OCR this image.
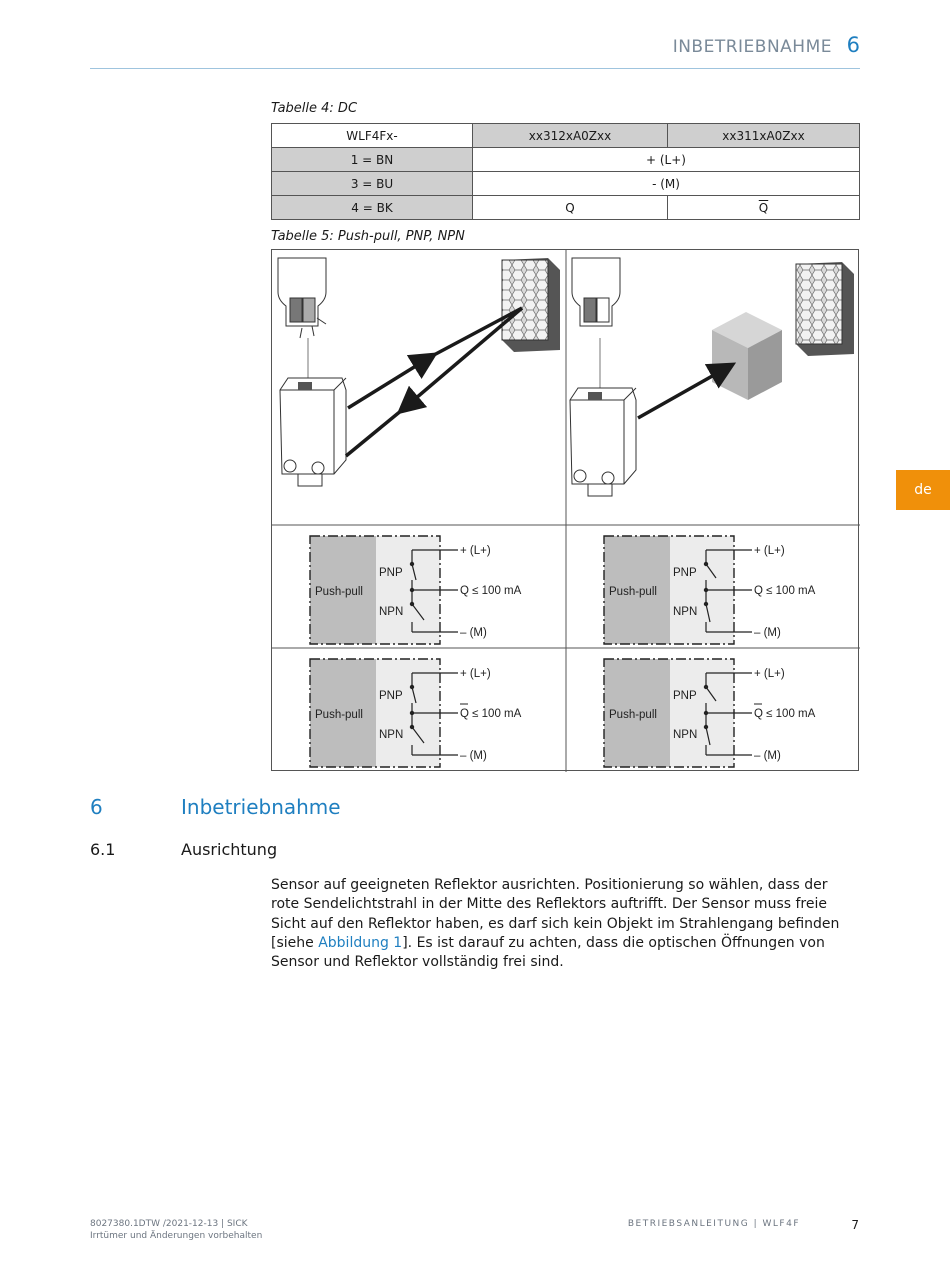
INBETRIEBNAHME 6
Tabelle 4: DC
WLF4Fx-	xx312xA0Zxx	xx311xA0Zxx
1 = BN	+ (L+)	
3 = BU	- (M)	
4 = BK	Q	$\overline{Q}$
Tabelle 5: Push-pull, PNP, NPN
Push-pull
PNP
NPN
+ (L+)
Q ≤ 100 mA
– (M)
Push-pull
PNP
NPN
+ (L+)
Q ≤ 100 mA
– (M)
Push-pull
PNP
NPN
+ (L+)
Q ≤ 100 mA
– (M)
Push-pull
PNP
NPN
+ (L+)
Q ≤ 100 mA
– (M)
de
6	Inbetriebnahme
6.1	Ausrichtung
Sensor auf geeigneten Reflektor ausrichten. Positionierung so wählen, dass der rote Sendelichtstrahl in der Mitte des Reflektors auftrifft. Der Sensor muss freie Sicht auf den Reflektor haben, es darf sich kein Objekt im Strahlengang befinden [siehe Abbildung 1]. Es ist darauf zu achten, dass die optischen Öffnungen von Sensor und Reflektor vollständig frei sind.
8027380.1DTW /2021-12-13 | SICK
Irrtümer und Änderungen vorbehalten
BETRIEBSANLEITUNG | WLF4F	7
